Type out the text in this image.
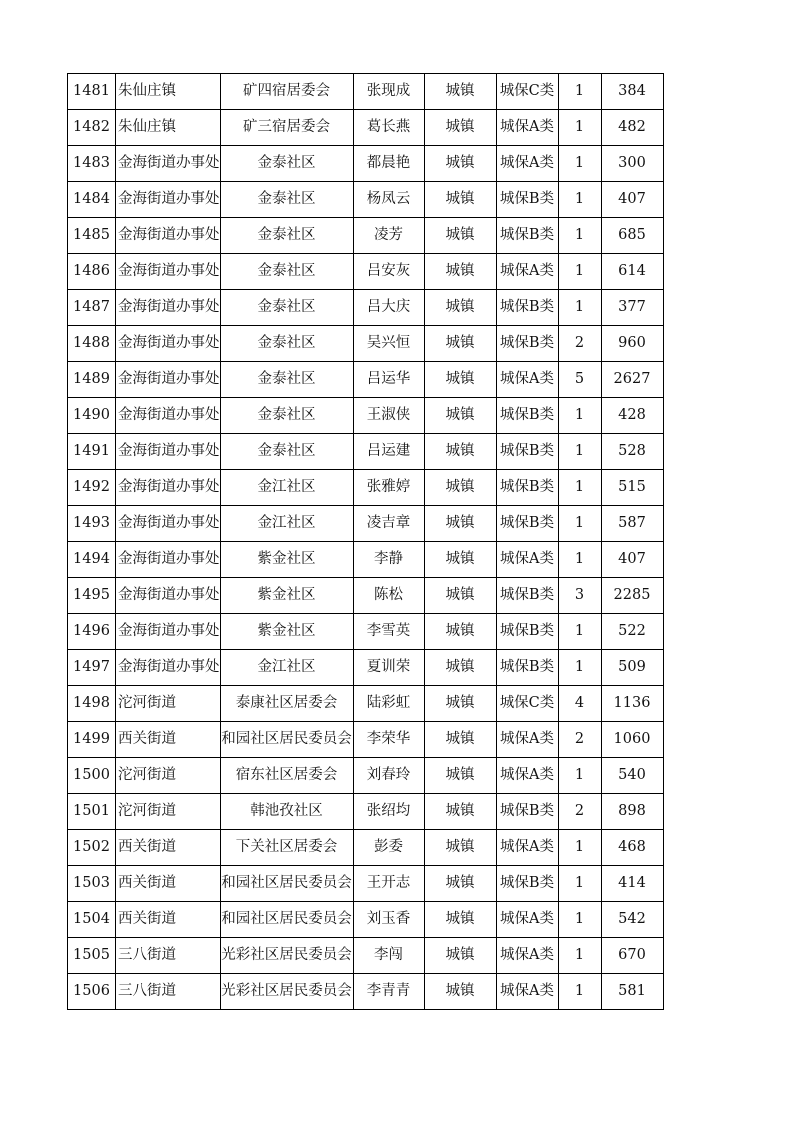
1481	朱仙庄镇	矿四宿居委会	张现成	城镇	城保C类	1	384
1482	朱仙庄镇	矿三宿居委会	葛长燕	城镇	城保A类	1	482
1483	金海街道办事处	金泰社区	都晨艳	城镇	城保A类	1	300
1484	金海街道办事处	金泰社区	杨凤云	城镇	城保B类	1	407
1485	金海街道办事处	金泰社区	凌芳	城镇	城保B类	1	685
1486	金海街道办事处	金泰社区	吕安灰	城镇	城保A类	1	614
1487	金海街道办事处	金泰社区	吕大庆	城镇	城保B类	1	377
1488	金海街道办事处	金泰社区	吴兴恒	城镇	城保B类	2	960
1489	金海街道办事处	金泰社区	吕运华	城镇	城保A类	5	2627
1490	金海街道办事处	金泰社区	王淑侠	城镇	城保B类	1	428
1491	金海街道办事处	金泰社区	吕运建	城镇	城保B类	1	528
1492	金海街道办事处	金江社区	张雅婷	城镇	城保B类	1	515
1493	金海街道办事处	金江社区	凌吉章	城镇	城保B类	1	587
1494	金海街道办事处	紫金社区	李静	城镇	城保A类	1	407
1495	金海街道办事处	紫金社区	陈松	城镇	城保B类	3	2285
1496	金海街道办事处	紫金社区	李雪英	城镇	城保B类	1	522
1497	金海街道办事处	金江社区	夏训荣	城镇	城保B类	1	509
1498	沱河街道	泰康社区居委会	陆彩虹	城镇	城保C类	4	1136
1499	西关街道	和园社区居民委员会	李荣华	城镇	城保A类	2	1060
1500	沱河街道	宿东社区居委会	刘春玲	城镇	城保A类	1	540
1501	沱河街道	韩池孜社区	张绍均	城镇	城保B类	2	898
1502	西关街道	下关社区居委会	彭委	城镇	城保A类	1	468
1503	西关街道	和园社区居民委员会	王开志	城镇	城保B类	1	414
1504	西关街道	和园社区居民委员会	刘玉香	城镇	城保A类	1	542
1505	三八街道	光彩社区居民委员会	李闯	城镇	城保A类	1	670
1506	三八街道	光彩社区居民委员会	李青青	城镇	城保A类	1	581
